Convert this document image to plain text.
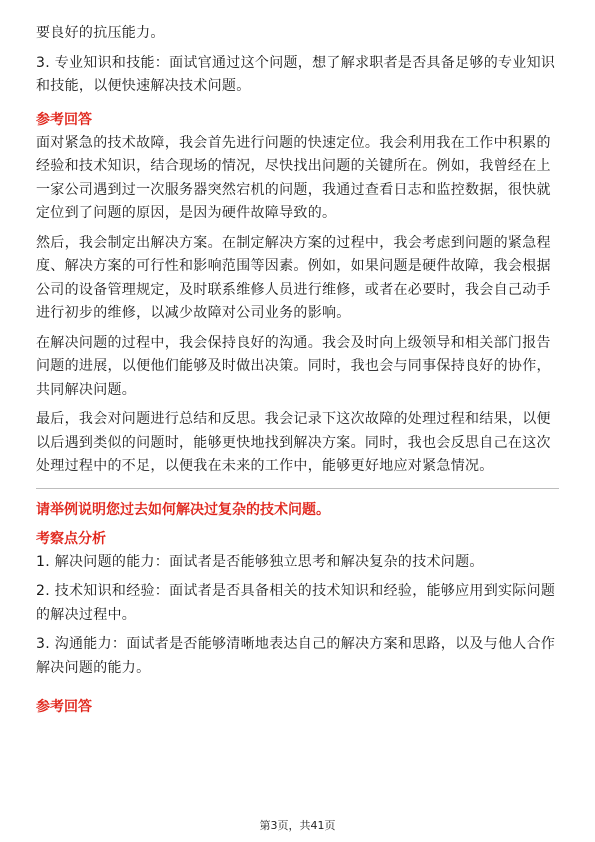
要良好的抗压能力。
3. 专业知识和技能：面试官通过这个问题，想了解求职者是否具备足够的专业知识
和技能，以便快速解决技术问题。
参考回答
面对紧急的技术故障，我会首先进行问题的快速定位。我会利用我在工作中积累的
经验和技术知识，结合现场的情况，尽快找出问题的关键所在。例如，我曾经在上
一家公司遇到过一次服务器突然宕机的问题，我通过查看日志和监控数据，很快就
定位到了问题的原因，是因为硬件故障导致的。
然后，我会制定出解决方案。在制定解决方案的过程中，我会考虑到问题的紧急程
度、解决方案的可行性和影响范围等因素。例如，如果问题是硬件故障，我会根据
公司的设备管理规定，及时联系维修人员进行维修，或者在必要时，我会自己动手
进行初步的维修，以减少故障对公司业务的影响。
在解决问题的过程中，我会保持良好的沟通。我会及时向上级领导和相关部门报告
问题的进展，以便他们能够及时做出决策。同时，我也会与同事保持良好的协作，
共同解决问题。
最后，我会对问题进行总结和反思。我会记录下这次故障的处理过程和结果，以便
以后遇到类似的问题时，能够更快地找到解决方案。同时，我也会反思自己在这次
处理过程中的不足，以便我在未来的工作中，能够更好地应对紧急情况。
请举例说明您过去如何解决过复杂的技术问题。
考察点分析
1. 解决问题的能力：面试者是否能够独立思考和解决复杂的技术问题。
2. 技术知识和经验：面试者是否具备相关的技术知识和经验，能够应用到实际问题
的解决过程中。
3. 沟通能力：面试者是否能够清晰地表达自己的解决方案和思路，以及与他人合作
解决问题的能力。
参考回答
第3页，共41页
